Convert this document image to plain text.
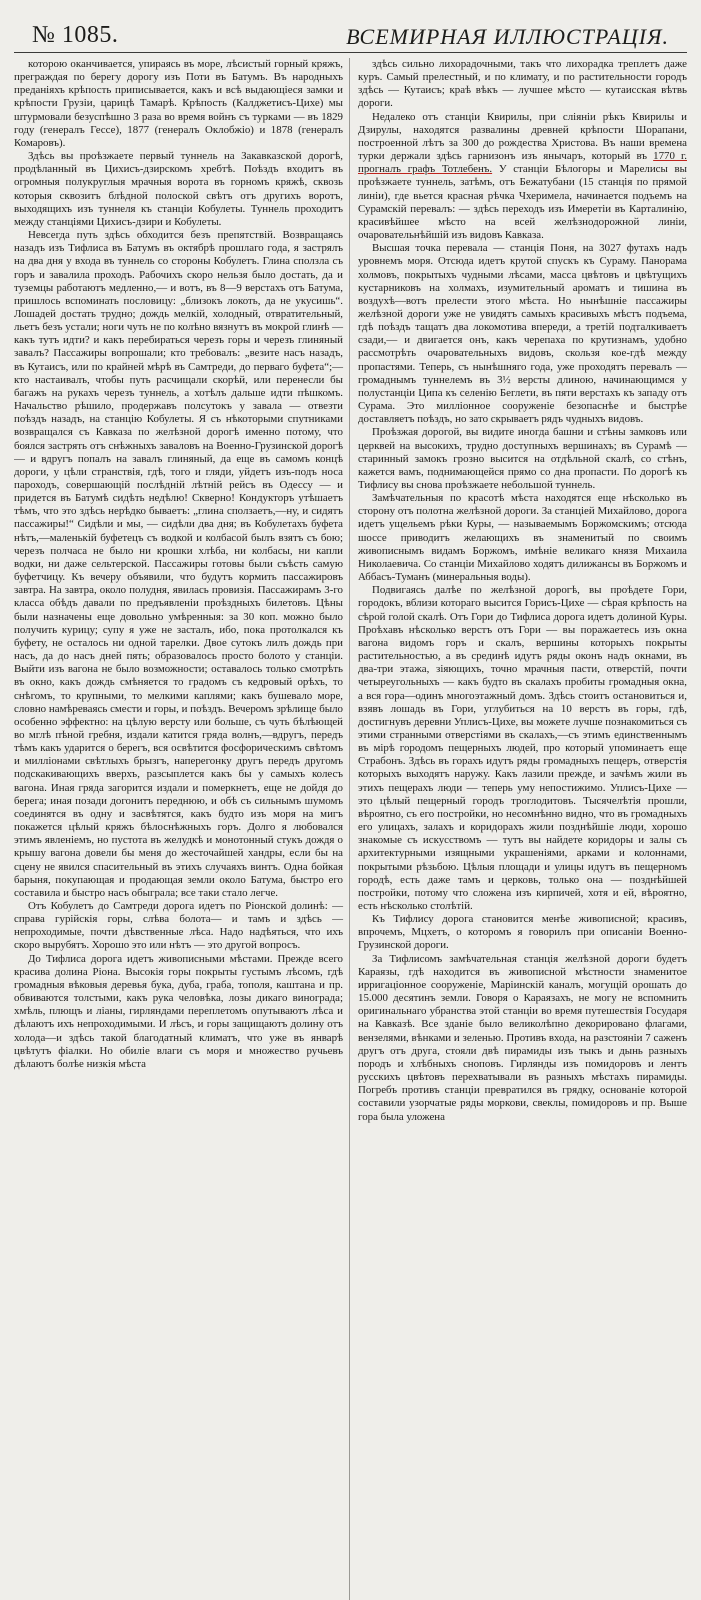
№ 1085.	ВСЕМИРНАЯ ИЛЛЮСТРАЦІЯ.

которою оканчивается, упираясь въ море, лѣсистый горный кряжъ, преграждая по берегу дорогу изъ Поти въ Батумъ. Въ народныхъ преданіяхъ крѣпость приписывается, какъ и всѣ выдающіеся замки и крѣпости Грузіи, царицѣ Тамарѣ. Крѣпость (Калджетисъ-Цихе) мы штурмовали безуспѣшно 3 раза во время войнъ съ турками — въ 1829 году (генералъ Гессе), 1877 (генералъ Оклобжіо) и 1878 (генералъ Комаровъ).

Здѣсь вы проѣзжаете первый туннель на Закавказской дорогѣ, продѣланный въ Цихисъ-дзирскомъ хребтѣ. Поѣздъ входитъ въ огромныя полукруглыя мрачныя ворота въ горномъ кряжѣ, сквозь которыя сквозитъ блѣдной полоской свѣтъ отъ другихъ воротъ, выходящихъ изъ туннеля къ станціи Кобулеты. Туннель проходитъ между станціями Цихисъ-дзири и Кобулеты.

Невсегда путь здѣсь обходится безъ препятствій. Возвращаясь назадъ изъ Тифлиса въ Батумъ въ октябрѣ прошлаго года, я застрялъ на два дня у входа въ туннель со стороны Кобулетъ. Глина сползла съ горъ и завалила проходъ. Рабочихъ скоро нельзя было достать, да и туземцы работаютъ медленно,— и вотъ, въ 8—9 верстахъ отъ Батума, пришлось вспоминать пословицу: „близокъ локоть, да не укусишь“. Лошадей достать трудно; дождь мелкій, холодный, отвратительный, льетъ безъ устали; ноги чуть не по колѣно вязнутъ въ мокрой глинѣ — какъ тутъ идти? и какъ перебираться черезъ горы и черезъ глиняный завалъ? Пассажиры вопрошали; кто требовалъ: „везите насъ назадъ, въ Кутаисъ, или по крайней мѣрѣ въ Самтреди, до перваго буфета“;—кто настаивалъ, чтобы путь расчищали скорѣй, или перенесли бы багажъ на рукахъ черезъ туннель, а хотѣлъ дальше идти пѣшкомъ. Начальство рѣшило, продержавъ полсутокъ у завала — отвезти поѣздъ назадъ, на станцію Кобулеты. Я съ нѣкоторыми спутниками возвращался съ Кавказа по желѣзной дорогѣ именно потому, что боялся застрять отъ снѣжныхъ заваловъ на Военно-Грузинской дорогѣ — и вдругъ попалъ на завалъ глиняный, да еще въ самомъ концѣ дороги, у цѣли странствія, гдѣ, того и гляди, уйдетъ изъ-подъ носа пароходъ, совершающій послѣдній лѣтній рейсъ въ Одессу — и придется въ Батумѣ сидѣть недѣлю! Скверно! Кондукторъ утѣшаетъ тѣмъ, что это здѣсь нерѣдко бываетъ: „глина сползаетъ,—ну, и сидятъ пассажиры!“ Сидѣли и мы, — сидѣли два дня; въ Кобулетахъ буфета нѣтъ,—маленькій буфетецъ съ водкой и колбасой былъ взятъ съ бою; черезъ полчаса не было ни крошки хлѣба, ни колбасы, ни капли водки, ни даже сельтерской. Пассажиры готовы были съѣсть самую буфетчицу. Къ вечеру объявили, что будутъ кормить пассажировъ завтра. На завтра, около полудня, явилась провизія. Пассажирамъ 3-го класса обѣдъ давали по предъявленіи проѣздныхъ билетовъ. Цѣны были назначены еще довольно умѣренныя: за 30 коп. можно было получить курицу; супу я уже не засталъ, ибо, пока протолкался къ буфету, не осталось ни одной тарелки. Двое сутокъ лилъ дождь при насъ, да до насъ дней пять; образовалось просто болото у станціи. Выйти изъ вагона не было возможности; оставалось только смотрѣть въ окно, какъ дождь смѣняется то градомъ съ кедровый орѣхъ, то снѣгомъ, то крупными, то мелкими каплями; какъ бушевало море, словно намѣреваясь смести и горы, и поѣздъ. Вечеромъ зрѣлище было особенно эффектно: на цѣлую версту или больше, съ чуть бѣлѣющей во мглѣ пѣной гребня, издали катится гряда волнъ,—вдругъ, передъ тѣмъ какъ ударится о берегъ, вся освѣтится фосфорическимъ свѣтомъ и милліонами свѣтлыхъ брызгъ, наперегонку другъ передъ другомъ подскакивающихъ вверхъ, разсыплется какъ бы у самыхъ колесъ вагона. Иная гряда загорится издали и померкнетъ, еще не дойдя до берега; иная позади догонитъ переднюю, и обѣ съ сильнымъ шумомъ соединятся въ одну и засвѣтятся, какъ будто изъ моря на мигъ покажется цѣлый кряжъ бѣлоснѣжныхъ горъ. Долго я любовался этимъ явленіемъ, но пустота въ желудкѣ и монотонный стукъ дождя о крышу вагона довели бы меня до жесточайшей хандры, если бы на сцену не явился спасительный въ этихъ случаяхъ винтъ. Одна бойкая барыня, покупающая и продающая земли около Батума, быстро его составила и быстро насъ обыграла; все таки стало легче.

Отъ Кобулетъ до Самтреди дорога идетъ по Ріонской долинѣ: — справа гурійскія горы, слѣва болота— и тамъ и здѣсь — непроходимые, почти дѣвственные лѣса. Надо надѣяться, что ихъ скоро вырубятъ. Хорошо это или нѣтъ — это другой вопросъ.

До Тифлиса дорога идетъ живописными мѣстами. Прежде всего красива долина Ріона. Высокія горы покрыты густымъ лѣсомъ, гдѣ громадныя вѣковыя деревья бука, дуба, граба, тополя, каштана и пр. обвиваются толстыми, какъ рука человѣка, лозы дикаго винограда; хмѣль, плющъ и ліаны, гирляндами переплетомъ опутываютъ лѣса и дѣлаютъ ихъ непроходимыми. И лѣсъ, и горы защищаютъ долину отъ холода—и здѣсь такой благодатный климатъ, что уже въ январѣ цвѣтутъ фіалки. Но обиліе влаги съ моря и множество ручьевъ дѣлаютъ болѣе низкія мѣста

здѣсь сильно лихорадочными, такъ что лихорадка треплетъ даже куръ. Самый прелестный, и по климату, и по растительности городъ здѣсь — Кутаисъ; краѣ вѣкъ — лучшее мѣсто — кутаисская вѣтвь дороги.

Недалеко отъ станціи Квирилы, при сліяніи рѣкъ Квирилы и Дзирулы, находятся развалины древней крѣпости Шорапани, построенной лѣтъ за 300 до рождества Христова. Въ наши времена турки держали здѣсь гарнизонъ изъ янычаръ, который въ 1770 г. прогналъ графъ Тотлебенъ. У станціи Бѣлогоры и Марелисы вы проѣзжаете туннель, затѣмъ, отъ Бежатубани (15 станція по прямой линіи), где вьется красная рѣчка Чхеримела, начинается подъемъ на Сурамскій перевалъ: — здѣсь переходъ изъ Имеретіи въ Карталинію, красивѣйшее мѣсто на всей желѣзнодорожной линіи, очаровательнѣйшій изъ видовъ Кавказа.

Высшая точка перевала — станція Поня, на 3027 футахъ надъ уровнемъ моря. Отсюда идетъ крутой спускъ къ Сураму. Панорама холмовъ, покрытыхъ чудными лѣсами, масса цвѣтовъ и цвѣтущихъ кустарниковъ на холмахъ, изумительный ароматъ и тишина въ воздухѣ—вотъ прелести этого мѣста. Но нынѣшніе пассажиры желѣзной дороги уже не увидятъ самыхъ красивыхъ мѣстъ подъема, гдѣ поѣздъ тащатъ два локомотива впереди, а третій подталкиваетъ сзади,— и двигается онъ, какъ черепаха по крутизнамъ, удобно рассмотрѣть очаровательныхъ видовъ, скользя кое-гдѣ между пропастями. Теперь, съ нынѣшняго года, уже проходятъ перевалъ — громаднымъ туннелемъ въ 3½ версты длиною, начинающимся у полустанціи Ципа къ селенію Беглети, въ пяти верстахъ къ западу отъ Сурама. Это милліонное сооруженіе безопаснѣе и быстрѣе доставляетъ поѣздъ, но зато скрываетъ рядъ чудныхъ видовъ.

Проѣзжая дорогой, вы видите иногда башни и стѣны замковъ или церквей на высокихъ, трудно доступныхъ вершинахъ; въ Сурамѣ — старинный замокъ грозно высится на отдѣльной скалѣ, со стѣнъ, кажется вамъ, поднимающейся прямо со дна пропасти. По дорогѣ къ Тифлису вы снова проѣзжаете небольшой туннель.

Замѣчательныя по красотѣ мѣста находятся еще нѣсколько въ сторону отъ полотна желѣзной дороги. За станціей Михайлово, дорога идетъ ущельемъ рѣки Куры, — называемымъ Боржомскимъ; отсюда шоссе приводитъ желающихъ въ знаменитый по своимъ живописнымъ видамъ Боржомъ, имѣніе великаго князя Михаила Николаевича. Со станціи Михайлово ходятъ дилижансы въ Боржомъ и Аббасъ-Туманъ (минеральныя воды).

Подвигаясь далѣе по желѣзной дорогѣ, вы проѣдете Гори, городокъ, вблизи котораго высится Горисъ-Цихе — сѣрая крѣпость на сѣрой голой скалѣ. Отъ Гори до Тифлиса дорога идетъ долиной Куры. Проѣхавъ нѣсколько верстъ отъ Гори — вы поражаетесь изъ окна вагона видомъ горъ и скалъ, вершины которыхъ покрыты растительностью, а въ срединѣ идутъ ряды оконъ надъ окнами, въ два-три этажа, зіяющихъ, точно мрачныя пасти, отверстій, почти четыреугольныхъ — какъ будто въ скалахъ пробиты громадныя окна, а вся гора—одинъ многоэтажный домъ. Здѣсь стоитъ остановиться и, взявъ лошадь въ Гори, углубиться на 10 верстъ въ горы, гдѣ, достигнувъ деревни Уплисъ-Цихе, вы можете лучше познакомиться съ этими странными отверстіями въ скалахъ,—съ этимъ единственнымъ въ мірѣ городомъ пещерныхъ людей, про который упоминаетъ еще Страбонъ. Здѣсь въ горахъ идутъ ряды громадныхъ пещеръ, отверстія которыхъ выходятъ наружу. Какъ лазили прежде, и зачѣмъ жили въ этихъ пещерахъ люди — теперь уму непостижимо. Уплисъ-Цихе — это цѣлый пещерный городъ троглодитовъ. Тысячелѣтія прошли, вѣроятно, съ его постройки, но несомнѣнно видно, что въ громадныхъ его улицахъ, залахъ и коридорахъ жили позднѣйшіе люди, хорошо знакомые съ искусствомъ — тутъ вы найдете коридоры и залы съ архитектурными изящными украшеніями, арками и колоннами, покрытыми рѣзьбою. Цѣлыя площади и улицы идутъ въ пещерномъ городѣ, есть даже тамъ и церковь, только она — позднѣйшей постройки, потому что сложена изъ кирпичей, хотя и ей, вѣроятно, есть нѣсколько столѣтій.

Къ Тифлису дорога становится менѣе живописной; красивъ, впрочемъ, Мцхетъ, о которомъ я говорилъ при описаніи Военно-Грузинской дороги.

За Тифлисомъ замѣчательная станція желѣзной дороги будетъ Караязы, гдѣ находится въ живописной мѣстности знаменитое ирригаціонное сооруженіе, Маріинскій каналъ, могущій орошать до 15.000 десятинъ земли. Говоря о Караязахъ, не могу не вспомнить оригинальнаго убранства этой станціи во время путешествія Государя на Кавказѣ. Все зданіе было великолѣпно декорировано флагами, вензелями, вѣнками и зеленью. Противъ входа, на разстояніи 7 саженъ другъ отъ друга, стояли двѣ пирамиды изъ тыкъ и дынь разныхъ породъ и хлѣбныхъ сноповъ. Гирлянды изъ помидоровъ и лентъ русскихъ цвѣтовъ перехватывали въ разныхъ мѣстахъ пирамиды. Погребъ противъ станціи превратился въ грядку, основаніе которой составили узорчатые ряды моркови, свеклы, помидоровъ и пр. Выше гора была уложена
